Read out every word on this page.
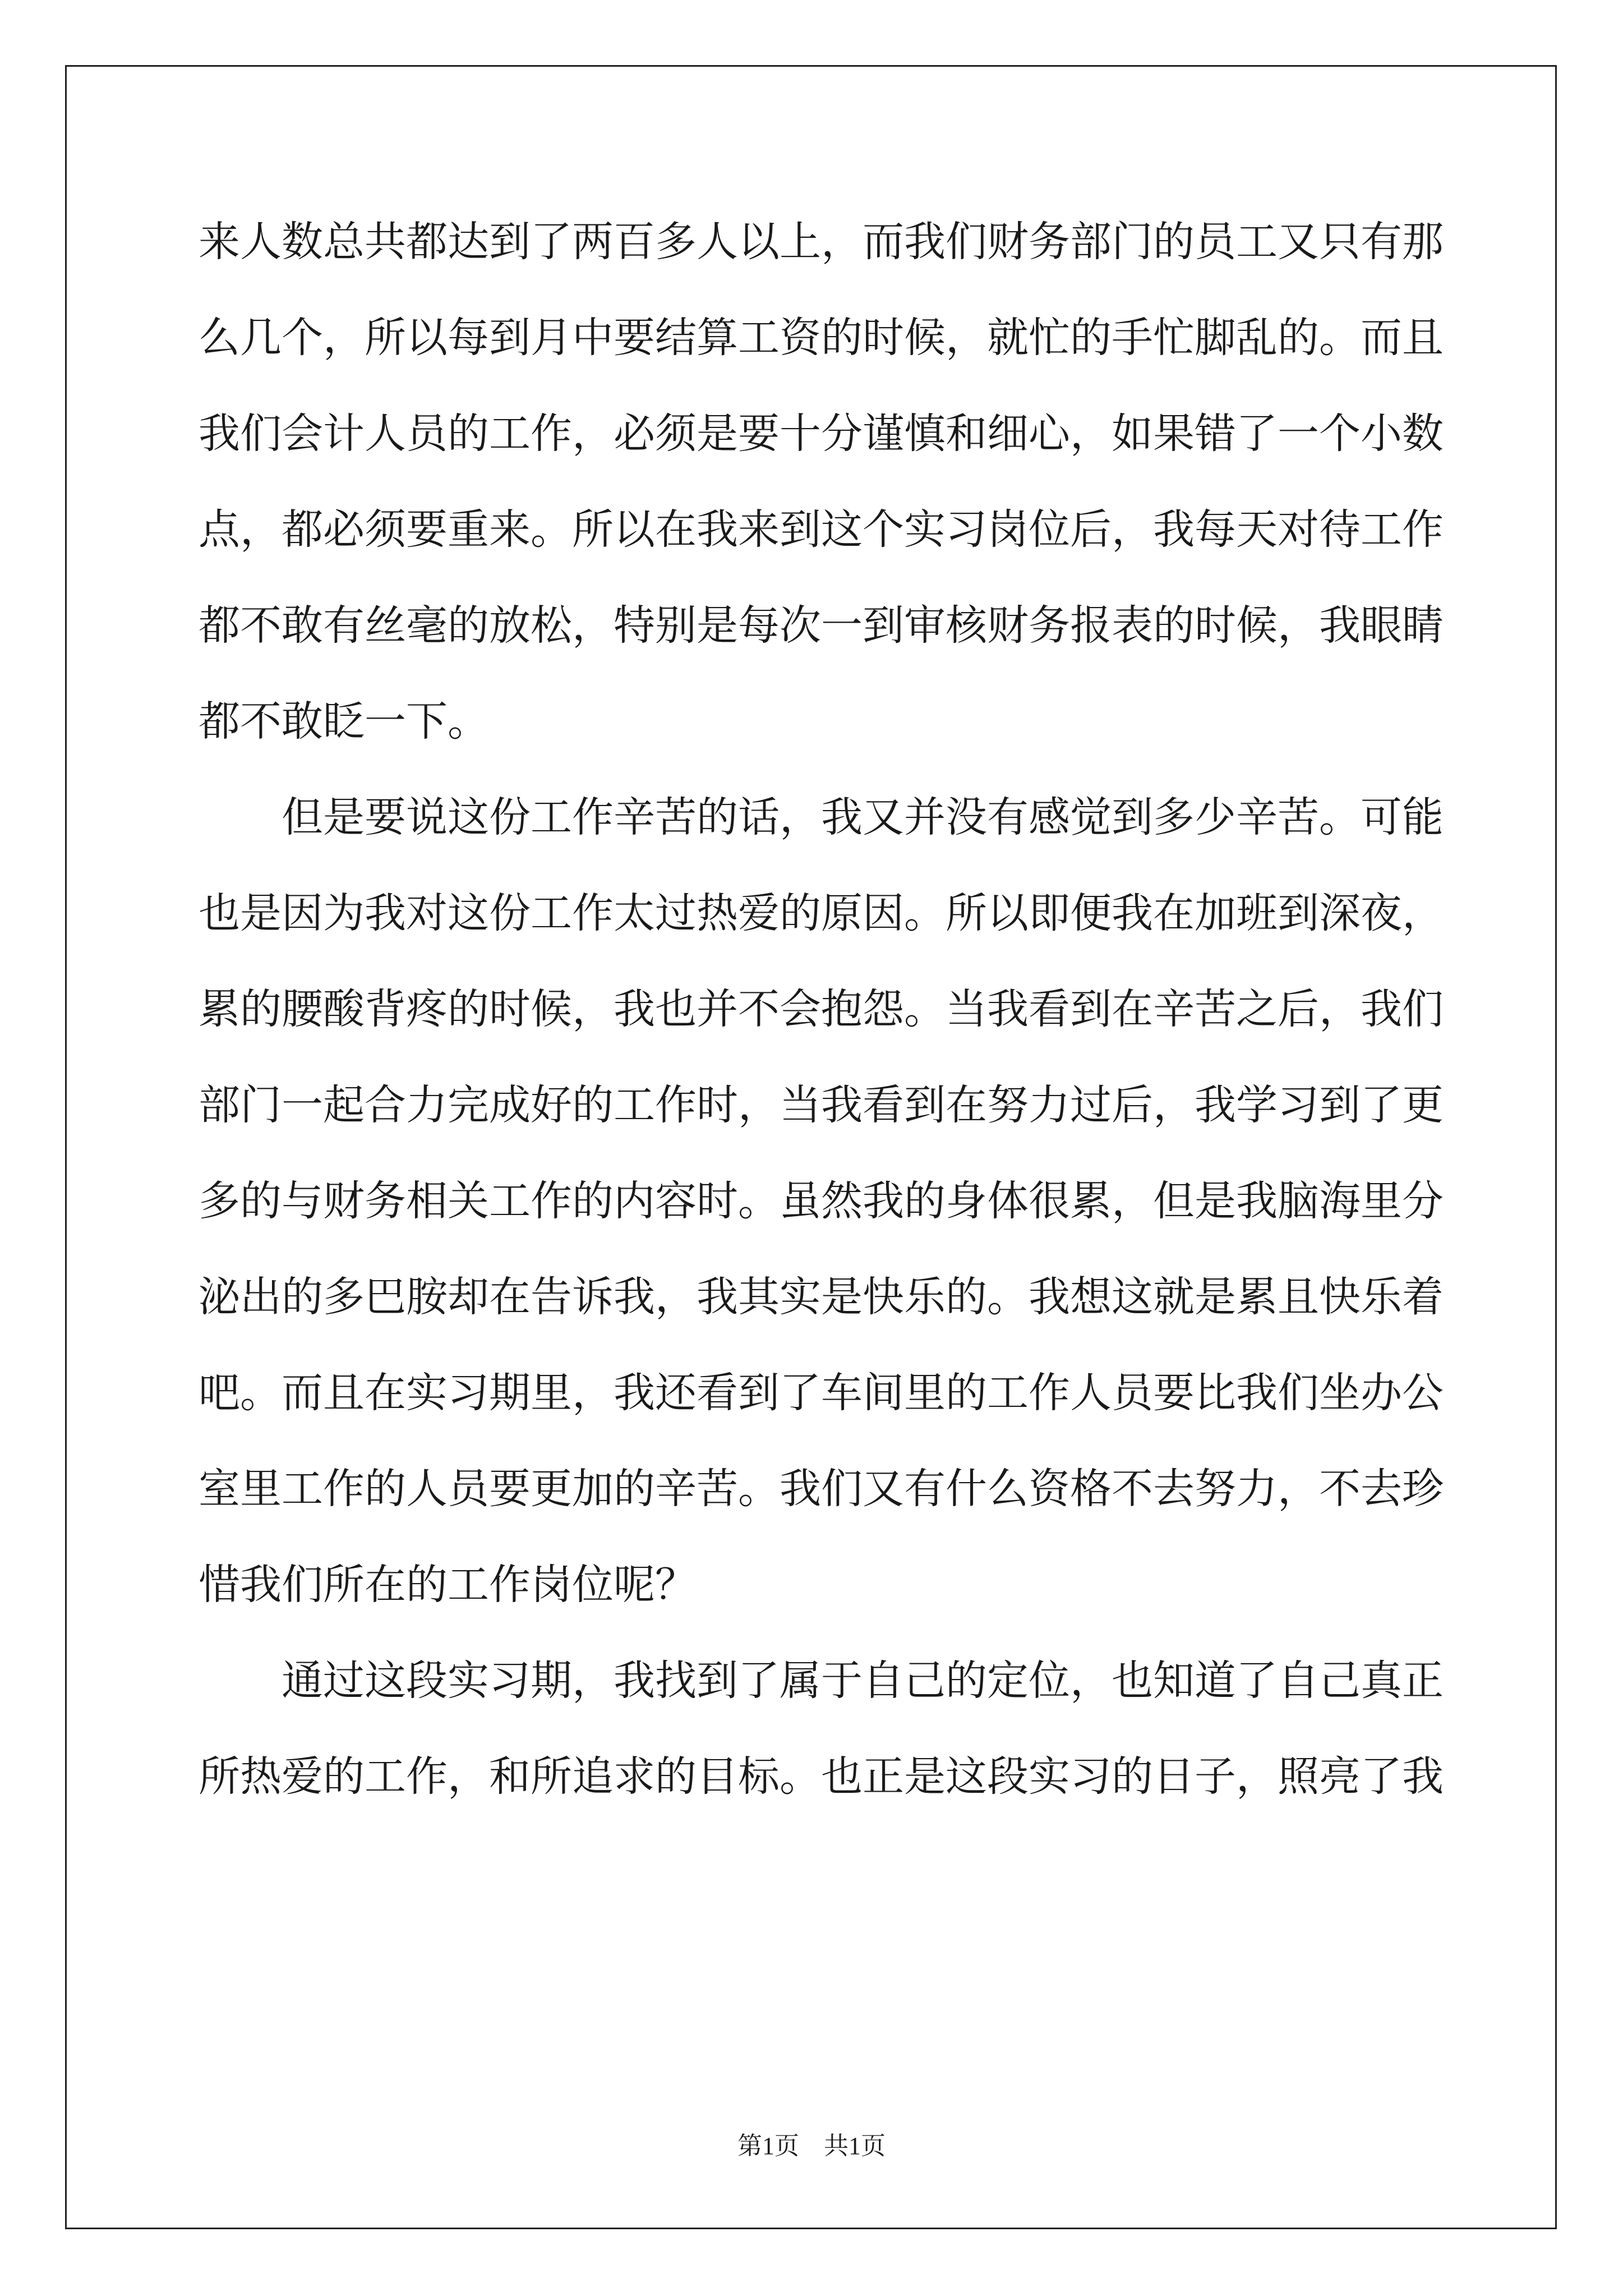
来人数总共都达到了两百多人以上，而我们财务部门的员工又只有那
么几个，所以每到月中要结算工资的时候，就忙的手忙脚乱的。而且
我们会计人员的工作，必须是要十分谨慎和细心，如果错了一个小数
点，都必须要重来。所以在我来到这个实习岗位后，我每天对待工作
都不敢有丝毫的放松，特别是每次一到审核财务报表的时候，我眼睛
都不敢眨一下。
但是要说这份工作辛苦的话，我又并没有感觉到多少辛苦。可能
也是因为我对这份工作太过热爱的原因。所以即便我在加班到深夜，
累的腰酸背疼的时候，我也并不会抱怨。当我看到在辛苦之后，我们
部门一起合力完成好的工作时，当我看到在努力过后，我学习到了更
多的与财务相关工作的内容时。虽然我的身体很累，但是我脑海里分
泌出的多巴胺却在告诉我，我其实是快乐的。我想这就是累且快乐着
吧。而且在实习期里，我还看到了车间里的工作人员要比我们坐办公
室里工作的人员要更加的辛苦。我们又有什么资格不去努力，不去珍
惜我们所在的工作岗位呢？
通过这段实习期，我找到了属于自己的定位，也知道了自己真正
所热爱的工作，和所追求的目标。也正是这段实习的日子，照亮了我
第1页 共1页
